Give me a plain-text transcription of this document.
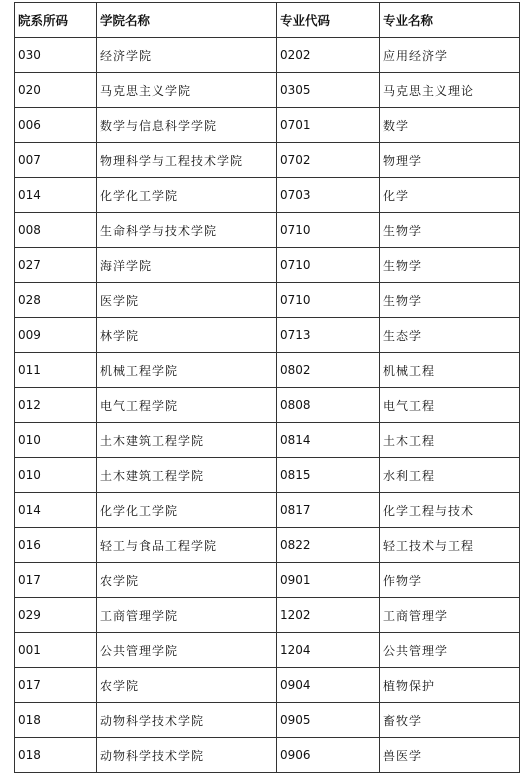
院系所码	学院名称	专业代码	专业名称
030	经济学院	0202	应用经济学
020	马克思主义学院	0305	马克思主义理论
006	数学与信息科学学院	0701	数学
007	物理科学与工程技术学院	0702	物理学
014	化学化工学院	0703	化学
008	生命科学与技术学院	0710	生物学
027	海洋学院	0710	生物学
028	医学院	0710	生物学
009	林学院	0713	生态学
011	机械工程学院	0802	机械工程
012	电气工程学院	0808	电气工程
010	土木建筑工程学院	0814	土木工程
010	土木建筑工程学院	0815	水利工程
014	化学化工学院	0817	化学工程与技术
016	轻工与食品工程学院	0822	轻工技术与工程
017	农学院	0901	作物学
029	工商管理学院	1202	工商管理学
001	公共管理学院	1204	公共管理学
017	农学院	0904	植物保护
018	动物科学技术学院	0905	畜牧学
018	动物科学技术学院	0906	兽医学
